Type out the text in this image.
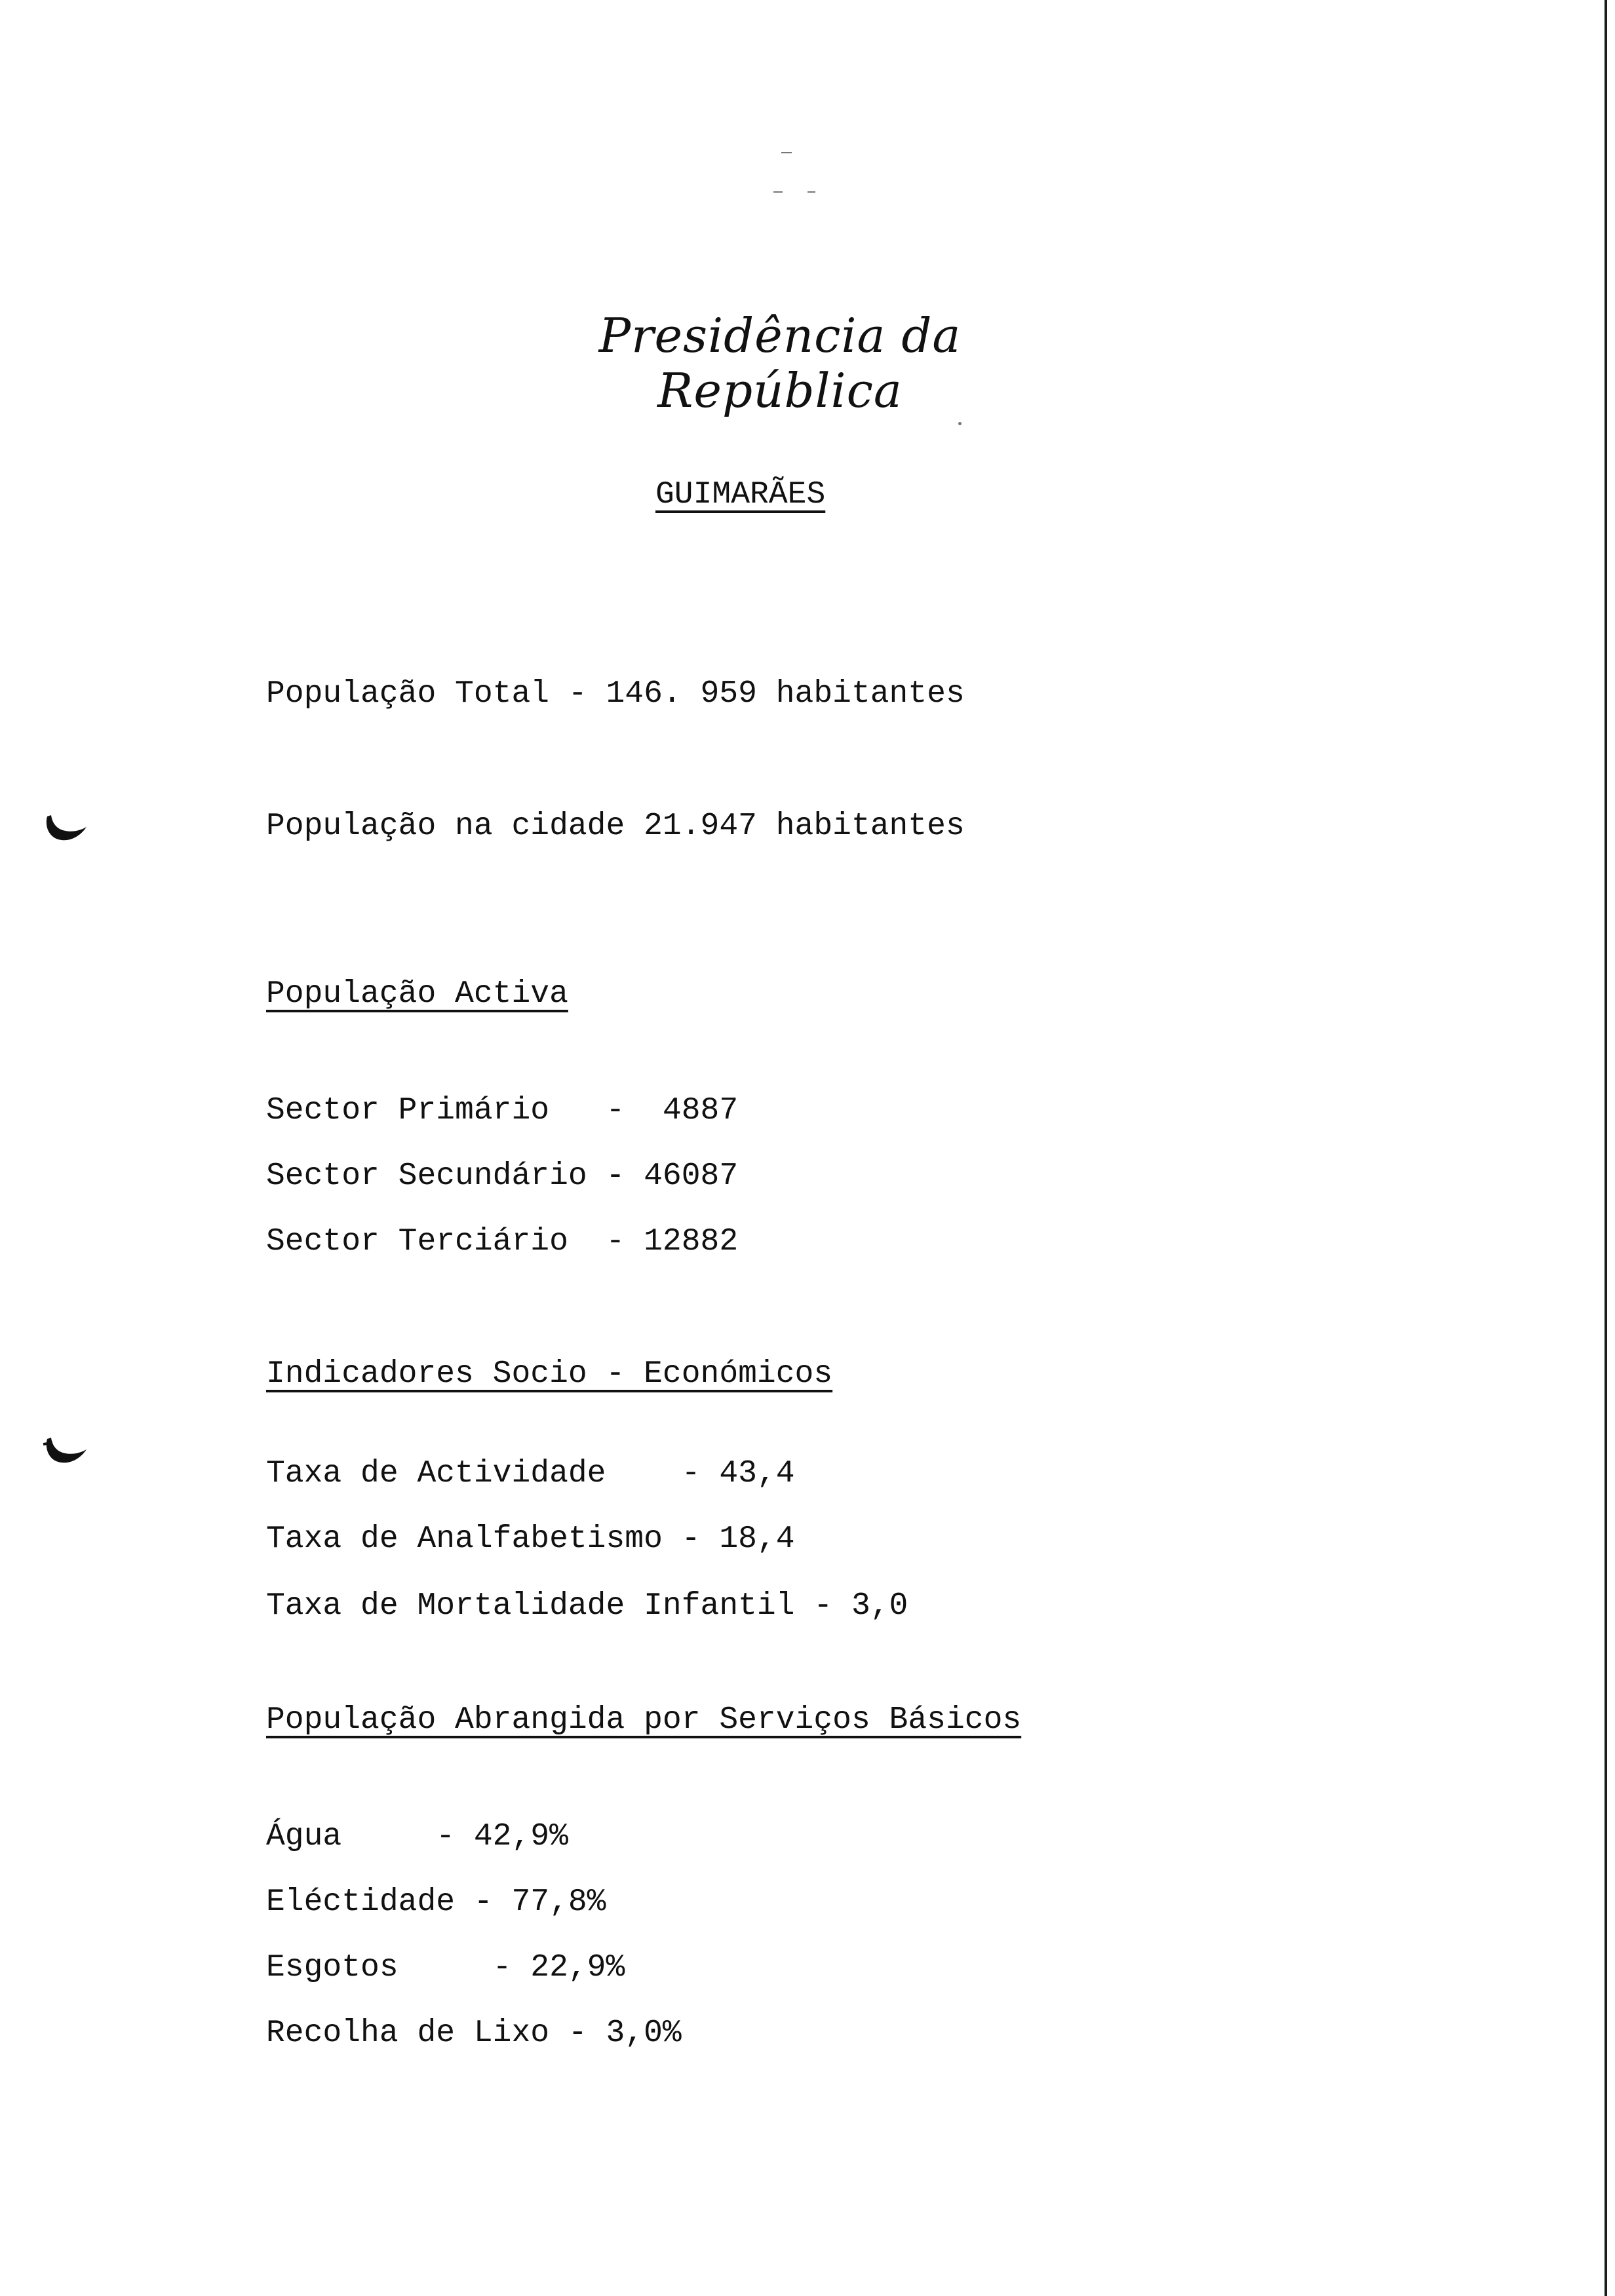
Presidência da República
GUIMARÃES
População Total - 146. 959 habitantes
População na cidade 21.947 habitantes
População Activa
Sector Primário   -  4887
Sector Secundário - 46087
Sector Terciário  - 12882
Indicadores Socio - Económicos
Taxa de Actividade    - 43,4
Taxa de Analfabetismo - 18,4
Taxa de Mortalidade Infantil - 3,0
População Abrangida por Serviços Básicos
Água     - 42,9%
Eléctidade - 77,8%
Esgotos     - 22,9%
Recolha de Lixo - 3,0%
